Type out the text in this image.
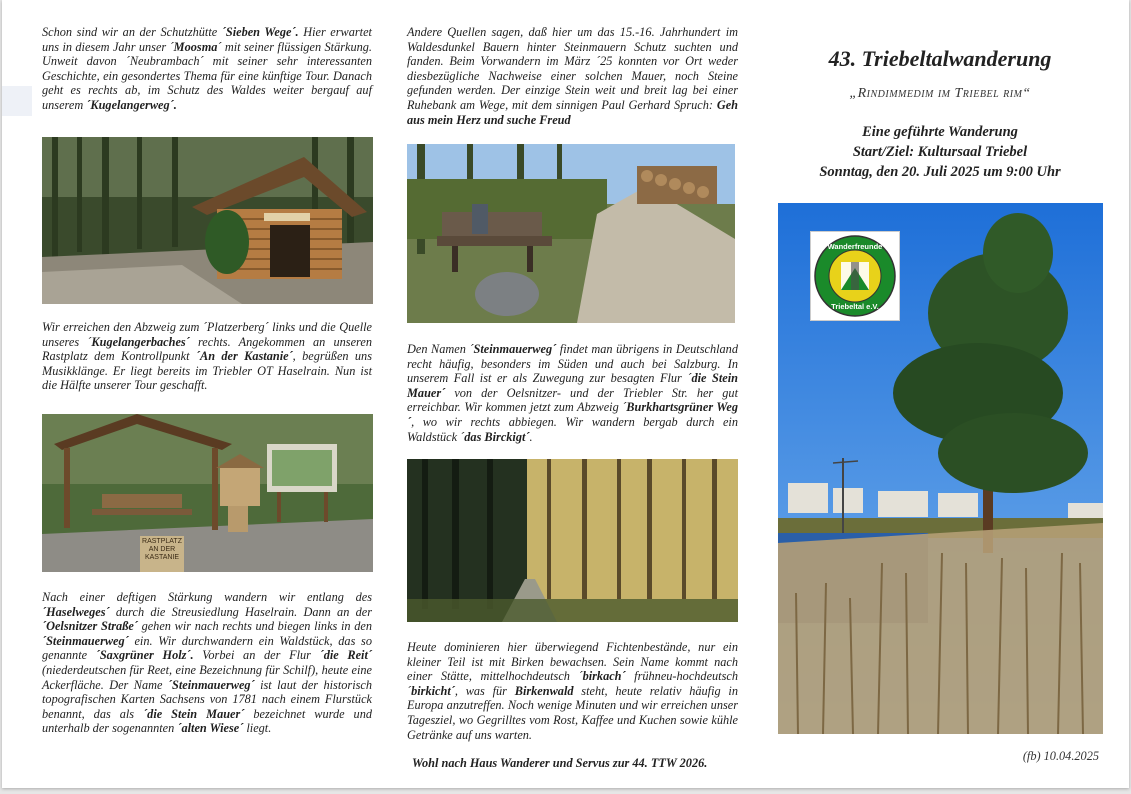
Schon sind wir an der Schutzhütte ´Sieben Wege´. Hier erwartet uns in diesem Jahr unser ´Moosma´ mit seiner flüssigen Stärkung. Unweit davon ´Neubrambach´ mit seiner sehr interessanten Geschichte, ein gesondertes Thema für eine künftige Tour. Danach geht es rechts ab, im Schutz des Waldes weiter bergauf auf unserem ´Kugelangerweg´.

Wir erreichen den Abzweig zum ´Platzerberg´ links und die Quelle unseres ´Kugelangerbaches´ rechts. Angekommen an unseren Rastplatz dem Kontrollpunkt ´An der Kastanie´, begrüßen uns Musikklänge. Er liegt bereits im Triebler OT Haselrain. Nun ist die Hälfte unserer Tour geschafft.

RASTPLATZ AN DER KASTANIE

Nach einer deftigen Stärkung wandern wir entlang des ´Haselweges´ durch die Streusiedlung Haselrain. Dann an der ´Oelsnitzer Straße´ gehen wir nach rechts und biegen links in den ´Steinmauerweg´ ein. Wir durchwandern ein Waldstück, das so genannte ´Saxgrüner Holz´. Vorbei an der Flur ´die Reit´ (niederdeutschen für Reet, eine Bezeichnung für Schilf), heute eine Ackerfläche. Der Name ´Steinmauerweg´ ist laut der historisch topografischen Karten Sachsens von 1781 nach einem Flurstück benannt, das als ´die Stein Mauer´ bezeichnet wurde und unterhalb der sogenannten ´alten Wiese´ liegt.

Andere Quellen sagen, daß hier um das 15.-16. Jahrhundert im Waldesdunkel Bauern hinter Steinmauern Schutz suchten und fanden. Beim Vorwandern im März ´25 konnten vor Ort weder diesbezügliche Nachweise einer solchen Mauer, noch Steine gefunden werden. Der einzige Stein weit und breit lag bei einer Ruhebank am Wege, mit dem sinnigen Paul Gerhard Spruch: Geh aus mein Herz und suche Freud

Den Namen ´Steinmauerweg´ findet man übrigens in Deutschland recht häufig, besonders im Süden und auch bei Salzburg. In unserem Fall ist er als Zuwegung zur besagten Flur ´die Stein Mauer´ von der Oelsnitzer- und der Triebler Str. her gut erreichbar. Wir kommen jetzt zum Abzweig ´Burkhartsgrüner Weg´, wo wir rechts abbiegen. Wir wandern bergab durch ein Waldstück ´das Birckigt´.

Heute dominieren hier überwiegend Fichtenbestände, nur ein kleiner Teil ist mit Birken bewachsen. Sein Name kommt nach einer Stätte, mittelhochdeutsch ´birkach´ frühneu-hochdeutsch ´birkicht´, was für Birkenwald steht, heute relativ häufig in Europa anzutreffen. Noch wenige Minuten und wir erreichen unser Tagesziel, wo Gegrilltes vom Rost, Kaffee und Kuchen sowie kühle Getränke auf uns warten.

Wohl nach Haus Wanderer und Servus zur 44. TTW 2026.

43. Triebeltalwanderung

„Rindimmedim im Triebel rim“

Eine geführte Wanderung

Start/Ziel: Kultursaal Triebel

Sonntag, den 20. Juli 2025 um 9:00 Uhr

Wanderfreunde
Triebeltal e.V.

(fb) 10.04.2025
